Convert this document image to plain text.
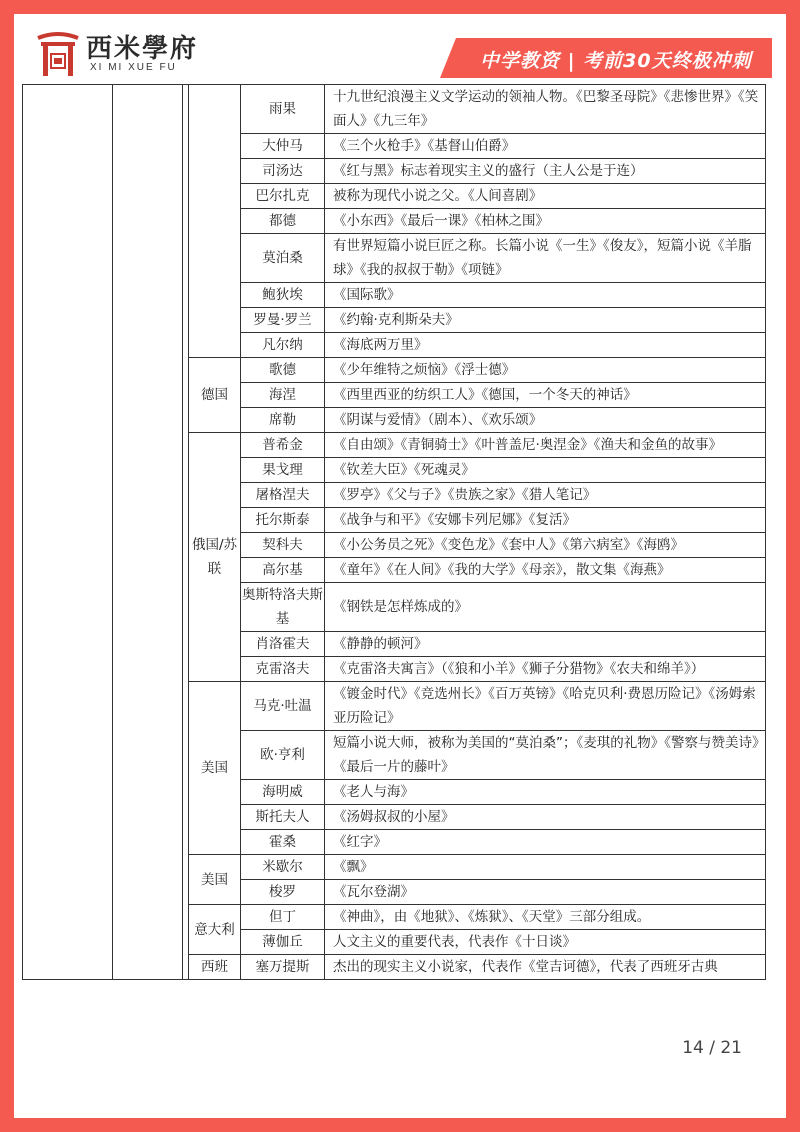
西米學府
XI MI XUE FU	中学教资 | 考前30天终极冲刺
				雨果	十九世纪浪漫主义文学运动的领袖人物。《巴黎圣母院》《悲惨世界》《笑面人》《九三年》
				大仲马	《三个火枪手》《基督山伯爵》
				司汤达	《红与黑》标志着现实主义的盛行（主人公是于连）
				巴尔扎克	被称为现代小说之父。《人间喜剧》
				都德	《小东西》《最后一课》《柏林之围》
				莫泊桑	有世界短篇小说巨匠之称。长篇小说《一生》《俊友》，短篇小说《羊脂球》《我的叔叔于勒》《项链》
				鲍狄埃	《国际歌》
				罗曼·罗兰	《约翰·克利斯朵夫》
				凡尔纳	《海底两万里》
			德国	歌德	《少年维特之烦恼》《浮士德》
				海涅	《西里西亚的纺织工人》《德国，一个冬天的神话》
				席勒	《阴谋与爱情》（剧本）、《欢乐颂》
			俄国/苏联	普希金	《自由颂》《青铜骑士》《叶普盖尼·奥涅金》《渔夫和金鱼的故事》
				果戈理	《钦差大臣》《死魂灵》
				屠格涅夫	《罗亭》《父与子》《贵族之家》《猎人笔记》
				托尔斯泰	《战争与和平》《安娜卡列尼娜》《复活》
				契科夫	《小公务员之死》《变色龙》《套中人》《第六病室》《海鸥》
				高尔基	《童年》《在人间》《我的大学》《母亲》，散文集《海燕》
				奥斯特洛夫斯基	《钢铁是怎样炼成的》
				肖洛霍夫	《静静的顿河》
				克雷洛夫	《克雷洛夫寓言》（《狼和小羊》《狮子分猎物》《农夫和绵羊》）
			美国	马克·吐温	《镀金时代》《竞选州长》《百万英镑》《哈克贝利·费恩历险记》《汤姆索亚历险记》
				欧·亨利	短篇小说大师，被称为美国的“莫泊桑”；《麦琪的礼物》《警察与赞美诗》《最后一片的藤叶》
				海明威	《老人与海》
				斯托夫人	《汤姆叔叔的小屋》
				霍桑	《红字》
			美国	米歇尔	《飘》
				梭罗	《瓦尔登湖》
			意大利	但丁	《神曲》，由《地狱》、《炼狱》、《天堂》三部分组成。
				薄伽丘	人文主义的重要代表，代表作《十日谈》
			西班	塞万提斯	杰出的现实主义小说家，代表作《堂吉诃德》，代表了西班牙古典
14 / 21
